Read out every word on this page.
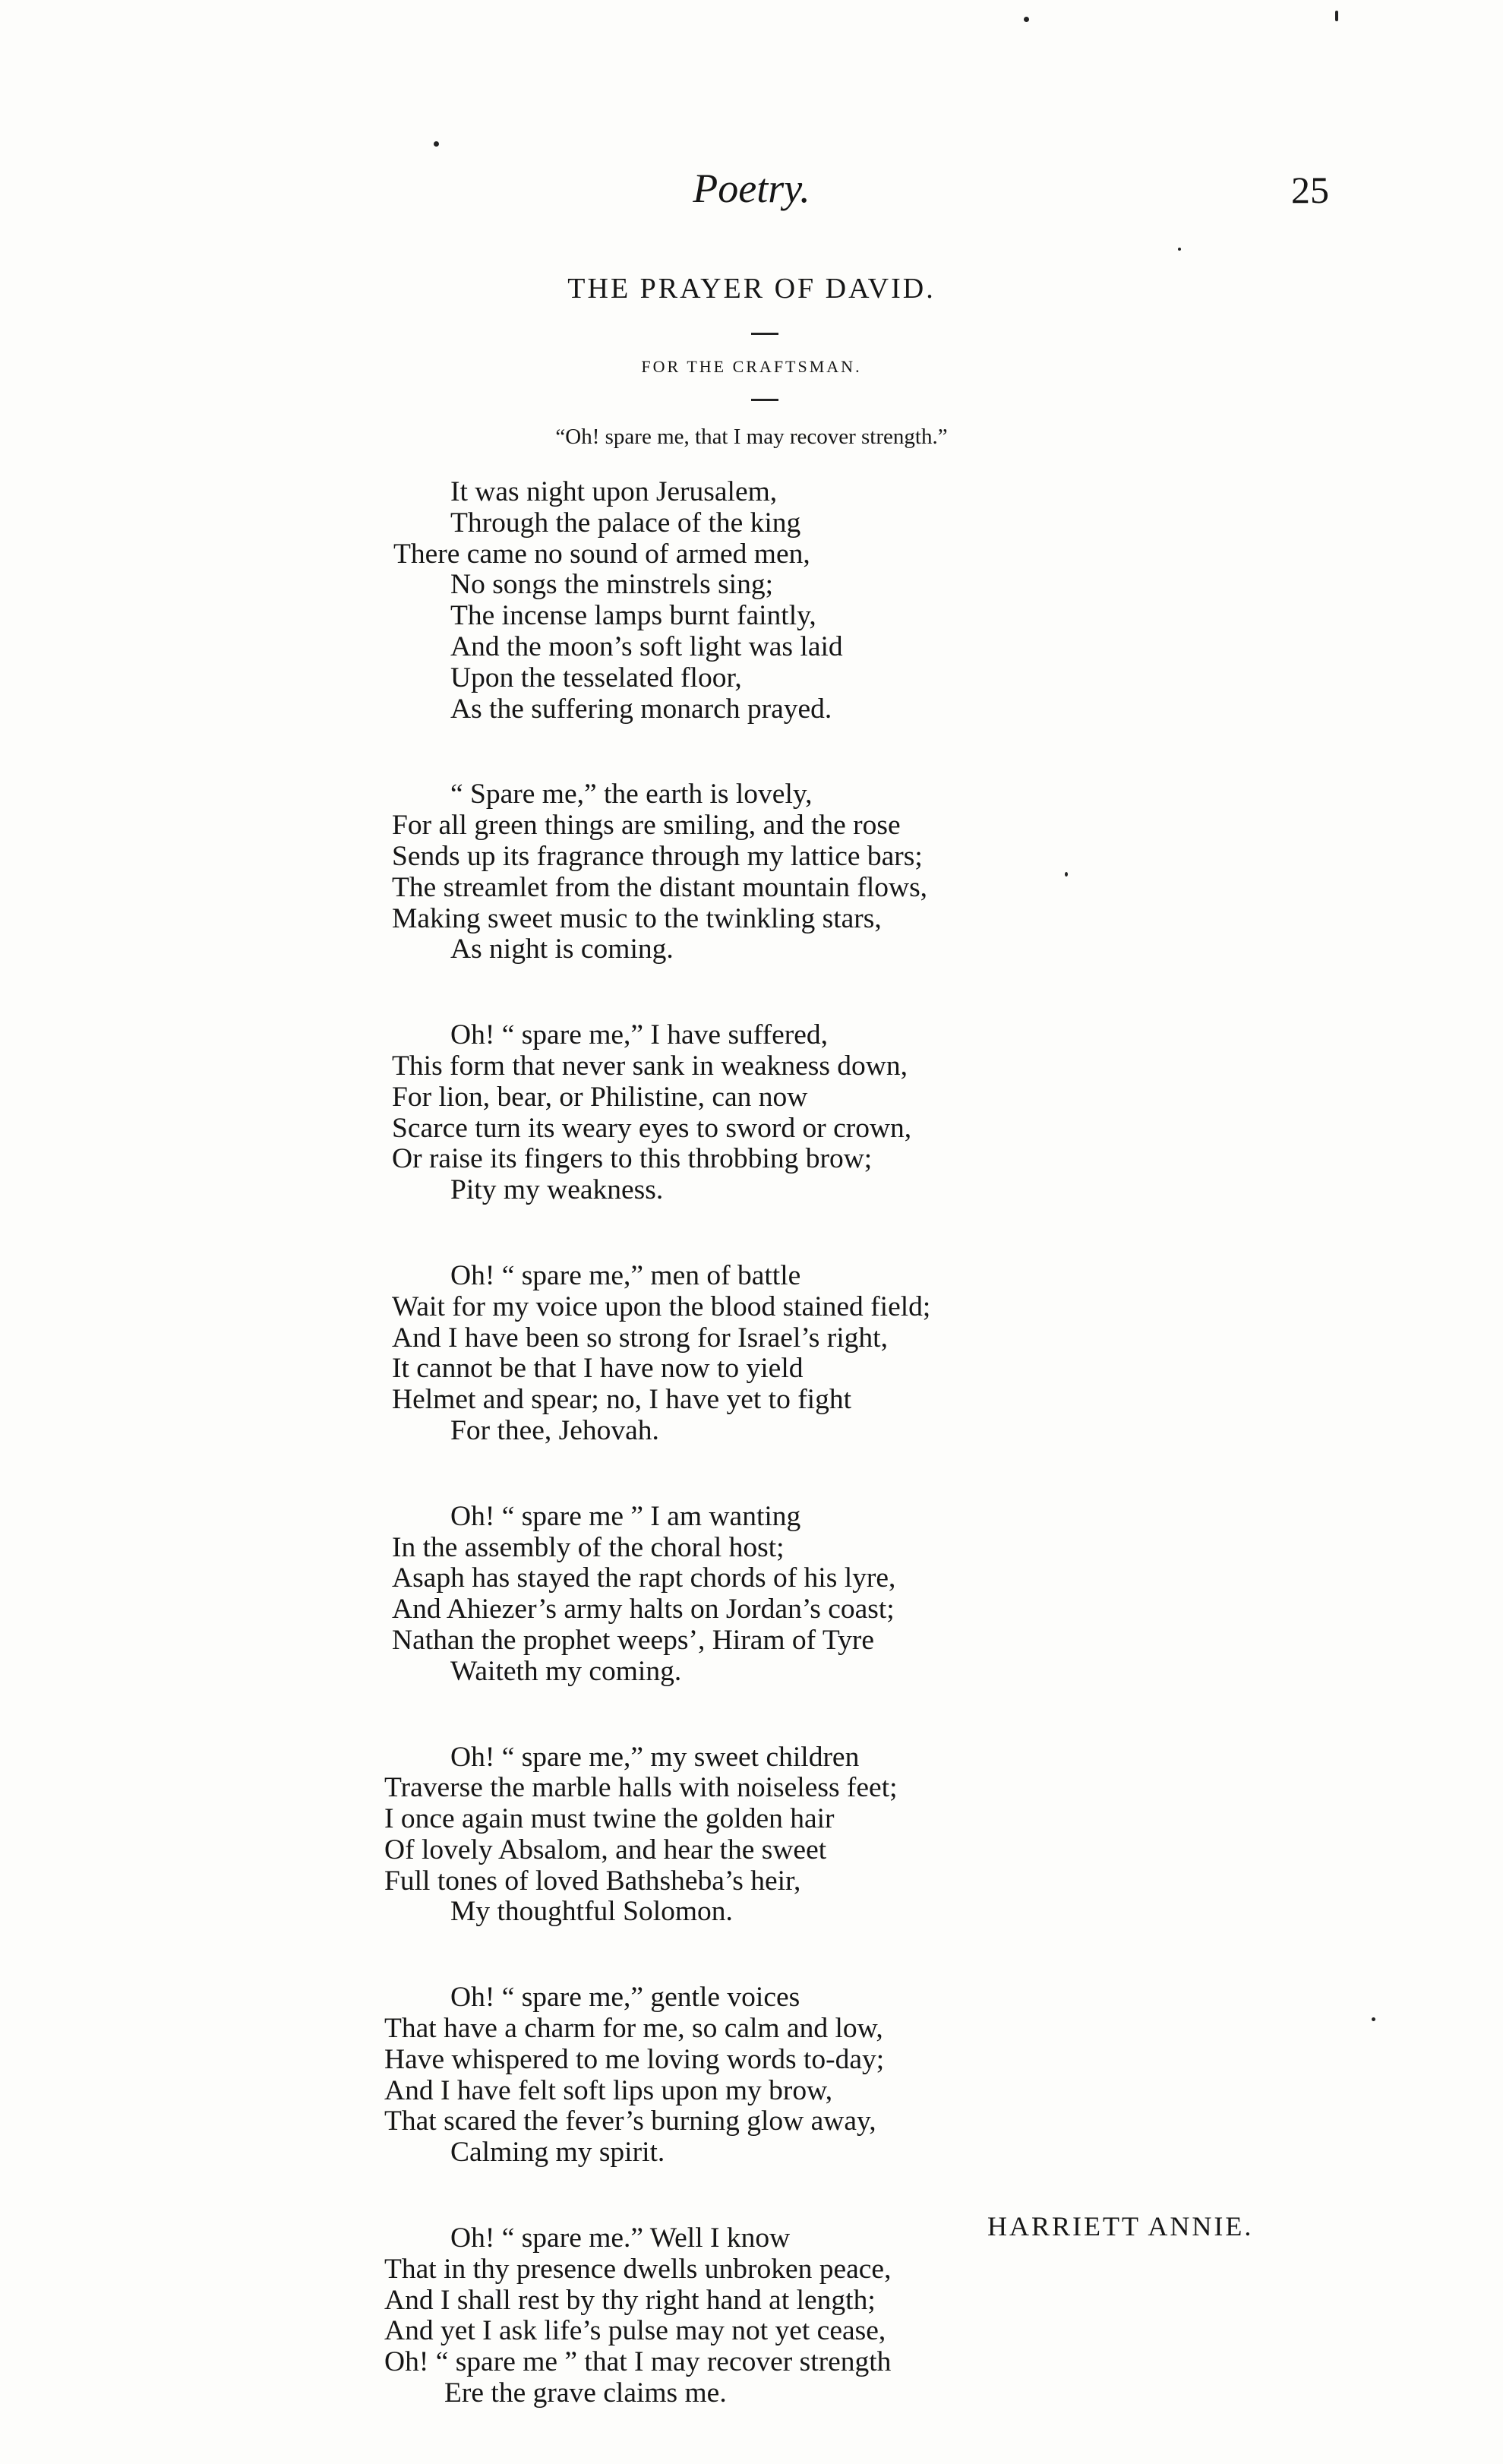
Poetry.	25
THE PRAYER OF DAVID.
FOR THE CRAFTSMAN.
“Oh! spare me, that I may recover strength.”
It was night upon Jerusalem,
Through the palace of the king
There came no sound of armed men,
No songs the minstrels sing;
The incense lamps burnt faintly,
And the moon’s soft light was laid
Upon the tesselated floor,
As the suffering monarch prayed.
“ Spare me,” the earth is lovely,
For all green things are smiling, and the rose
Sends up its fragrance through my lattice bars;
The streamlet from the distant mountain flows,
Making sweet music to the twinkling stars,
As night is coming.
Oh! “ spare me,” I have suffered,
This form that never sank in weakness down,
For lion, bear, or Philistine, can now
Scarce turn its weary eyes to sword or crown,
Or raise its fingers to this throbbing brow;
Pity my weakness.
Oh! “ spare me,” men of battle
Wait for my voice upon the blood stained field;
And I have been so strong for Israel’s right,
It cannot be that I have now to yield
Helmet and spear; no, I have yet to fight
For thee, Jehovah.
Oh! “ spare me ” I am wanting
In the assembly of the choral host;
Asaph has stayed the rapt chords of his lyre,
And Ahiezer’s army halts on Jordan’s coast;
Nathan the prophet weeps’, Hiram of Tyre
Waiteth my coming.
Oh! “ spare me,” my sweet children
Traverse the marble halls with noiseless feet;
I once again must twine the golden hair
Of lovely Absalom, and hear the sweet
Full tones of loved Bathsheba’s heir,
My thoughtful Solomon.
Oh! “ spare me,” gentle voices
That have a charm for me, so calm and low,
Have whispered to me loving words to-day;
And I have felt soft lips upon my brow,
That scared the fever’s burning glow away,
Calming my spirit.
Oh! “ spare me.” Well I know
That in thy presence dwells unbroken peace,
And I shall rest by thy right hand at length;
And yet I ask life’s pulse may not yet cease,
Oh! “ spare me ” that I may recover strength
Ere the grave claims me.
HARRIETT ANNIE.
